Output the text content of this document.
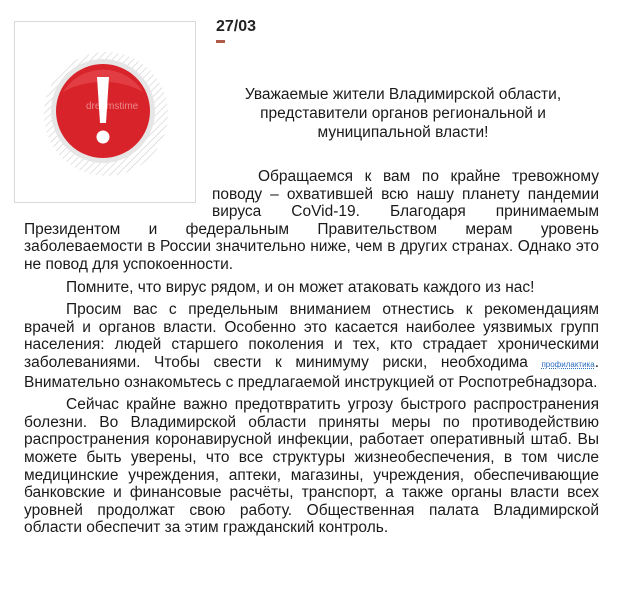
dreamstime
27/03
Уважаемые жители Владимирской области,
представители органов региональной и
муниципальной власти!

Обращаемся к вам по крайне тревожному поводу – охватившей всю нашу планету пандемии вируса CoVid-19. Благодаря принимаемым Президентом и федеральным Правительством мерам уровень заболеваемости в России значительно ниже, чем в других странах. Однако это не повод для успокоенности.

Помните, что вирус рядом, и он может атаковать каждого из нас!

Просим вас с предельным вниманием отнестись к рекомендациям врачей и органов власти. Особенно это касается наиболее уязвимых групп населения: людей старшего поколения и тех, кто страдает хроническими заболеваниями. Чтобы свести к минимуму риски, необходима профилактика. Внимательно ознакомьтесь с предлагаемой инструкцией от Роспотребнадзора.

Сейчас крайне важно предотвратить угрозу быстрого распространения болезни. Во Владимирской области приняты меры по противодействию распространения коронавирусной инфекции, работает оперативный штаб. Вы можете быть уверены, что все структуры жизнеобеспечения, в том числе медицинские учреждения, аптеки, магазины, учреждения, обеспечивающие банковские и финансовые расчёты, транспорт, а также органы власти всех уровней продолжат свою работу. Общественная палата Владимирской области обеспечит за этим гражданский контроль.
